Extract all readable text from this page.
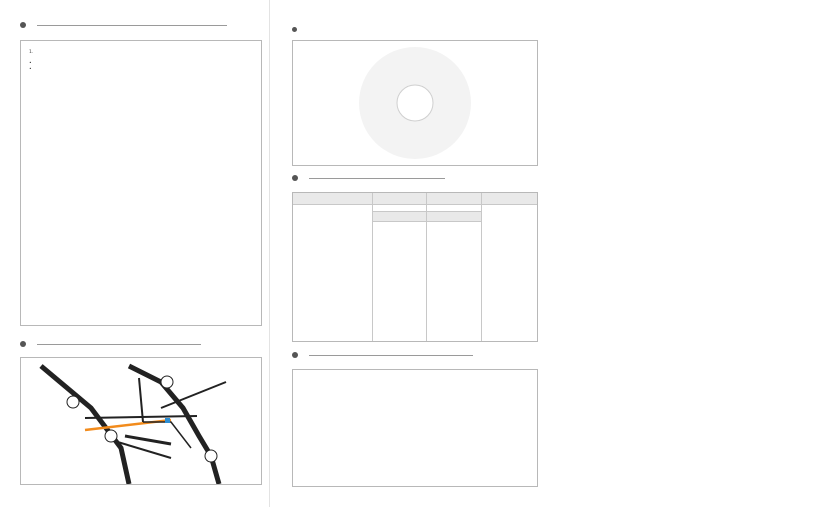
1.
•
•
